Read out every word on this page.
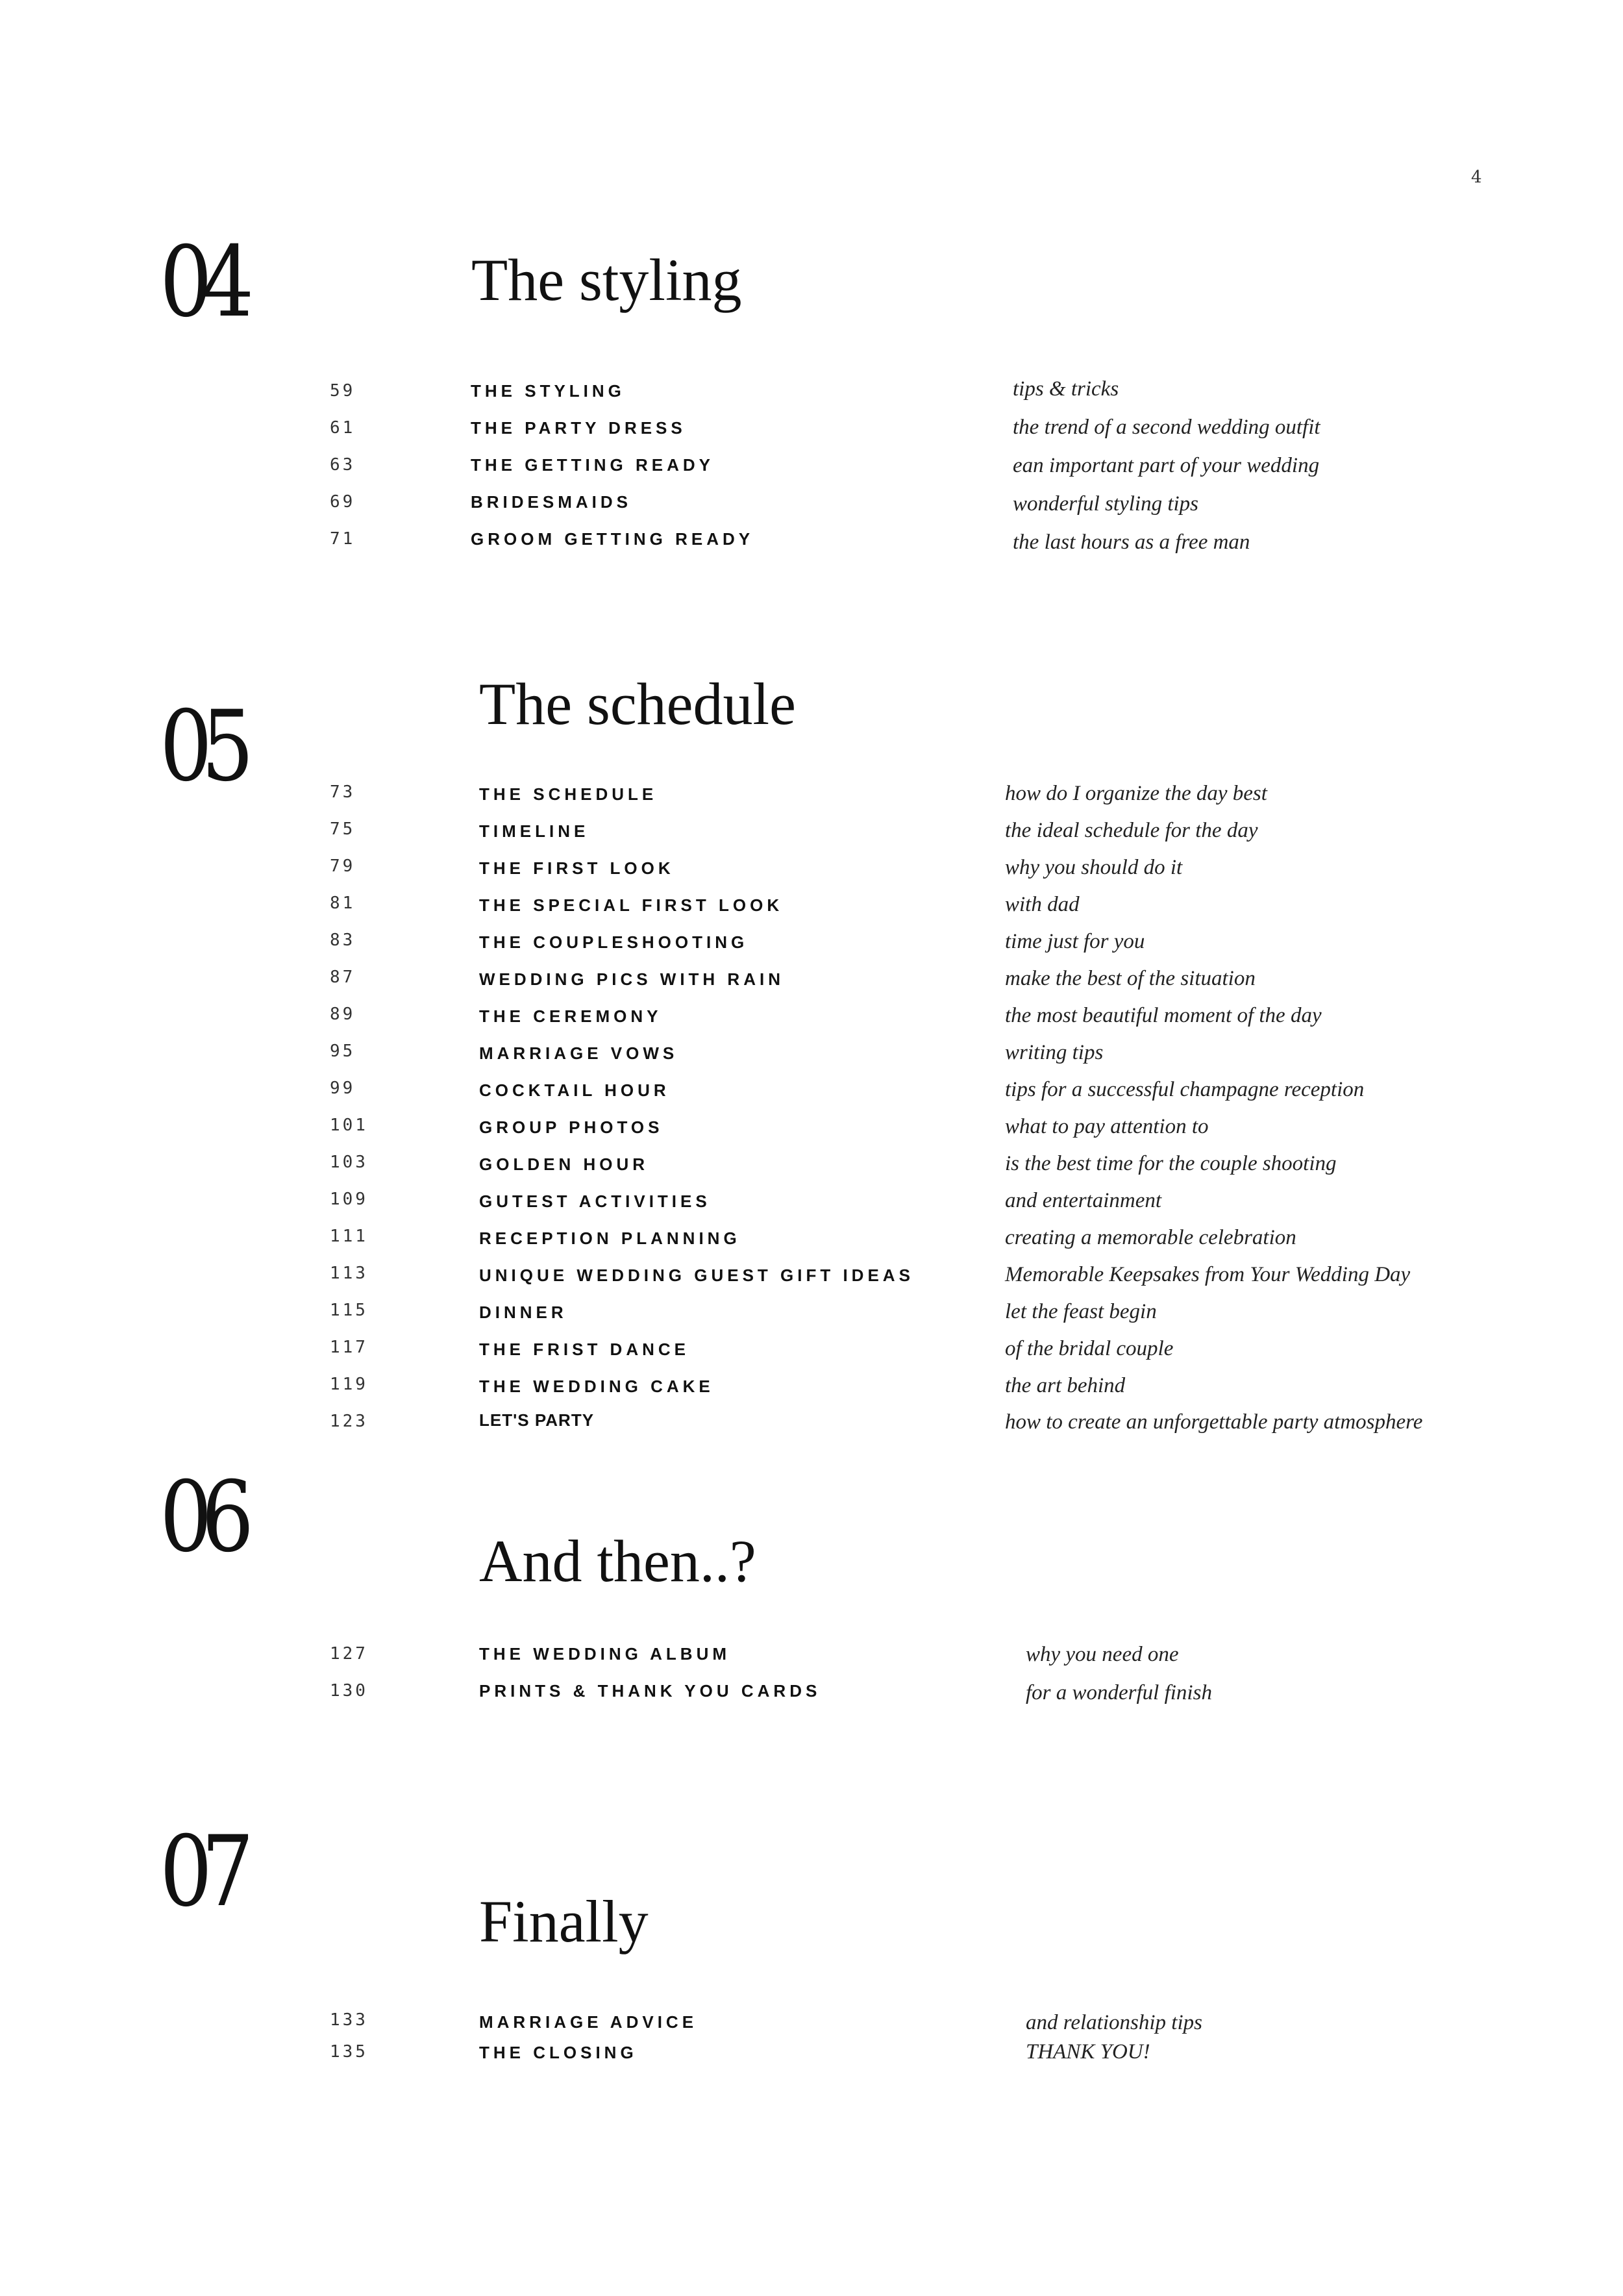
4
04	The styling
59	THE STYLING	tips & tricks
61	THE PARTY DRESS	the trend of a second wedding outfit
63	THE GETTING READY	ean important part of your wedding
69	BRIDESMAIDS	wonderful styling tips
71	GROOM GETTING READY	the last hours as a free man
05	The schedule
73	THE SCHEDULE	how do I organize the day best
75	TIMELINE	the ideal schedule for the day
79	THE FIRST LOOK	why you should do it
81	THE SPECIAL FIRST LOOK	with dad
83	THE COUPLESHOOTING	time just for you
87	WEDDING PICS WITH RAIN	make the best of the situation
89	THE CEREMONY	the most beautiful moment of the day
95	MARRIAGE VOWS	writing tips
99	COCKTAIL HOUR	tips for a successful champagne reception
101	GROUP PHOTOS	what to pay attention to
103	GOLDEN HOUR	is the best time for the couple shooting
109	GUTEST ACTIVITIES	and entertainment
111	RECEPTION PLANNING	creating a memorable celebration
113	UNIQUE WEDDING GUEST GIFT IDEAS	Memorable Keepsakes from Your Wedding Day
115	DINNER	let the feast begin
117	THE FRIST DANCE	of the bridal couple
119	THE WEDDING CAKE	the art behind
123	LET'S PARTY	how to create an unforgettable party atmosphere
06	And then..?
127	THE WEDDING ALBUM	why you need one
130	PRINTS & THANK YOU CARDS	for a wonderful finish
07	Finally
133	MARRIAGE ADVICE	and relationship tips
135	THE CLOSING	THANK YOU!
